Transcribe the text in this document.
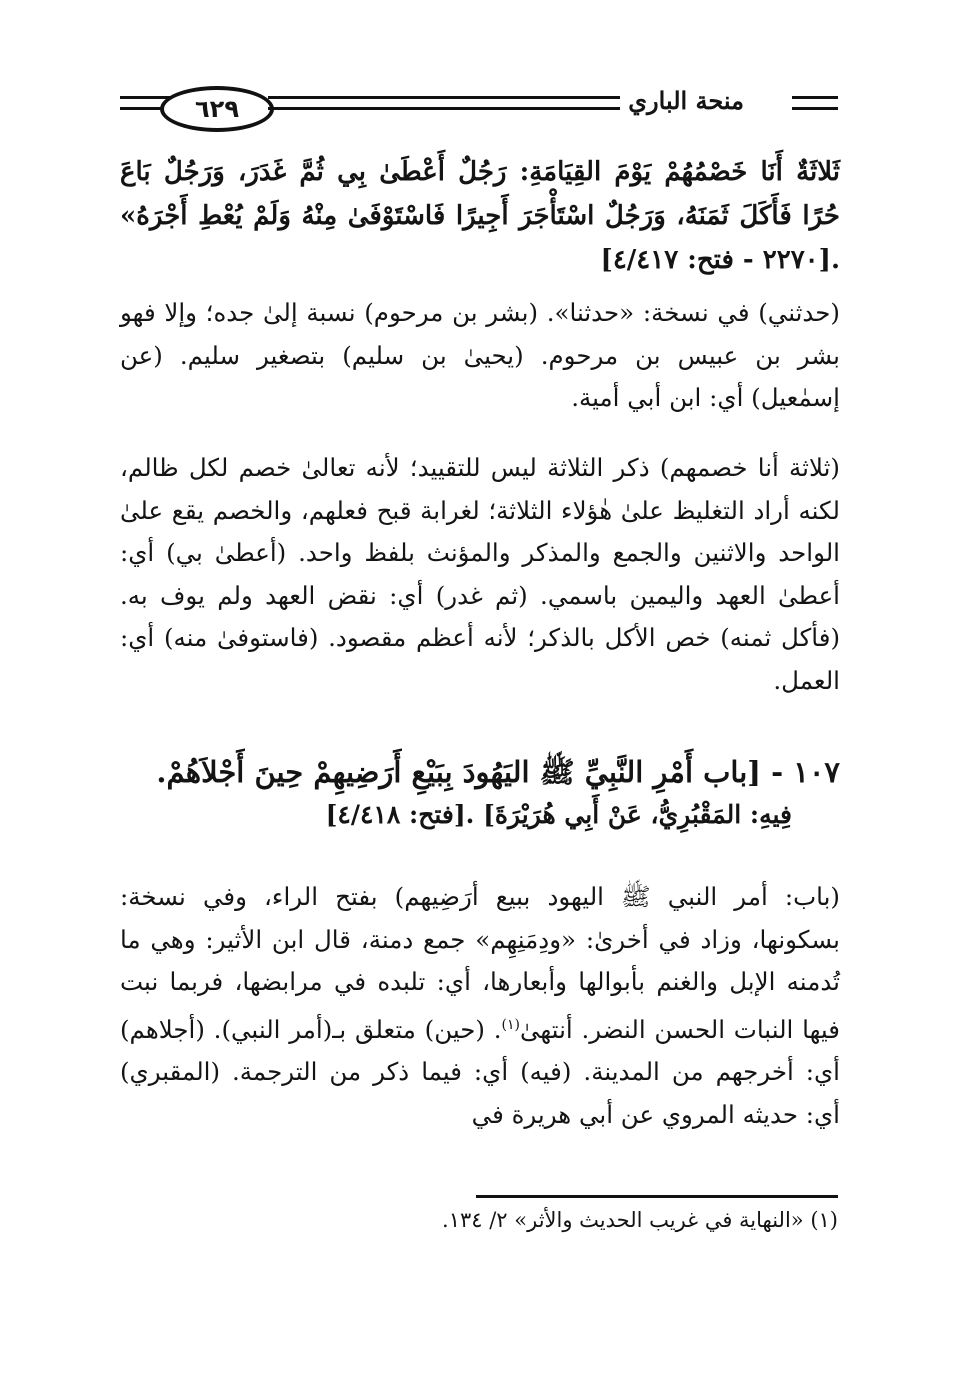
٦٢٩	منحة الباري
ثَلاثَةٌ أَنَا خَصْمُهُمْ يَوْمَ القِيَامَةِ: رَجُلٌ أَعْطَىٰ بِي ثُمَّ غَدَرَ، وَرَجُلٌ بَاعَ حُرًا فَأَكَلَ ثَمَنَهُ، وَرَجُلٌ اسْتَأْجَرَ أَجِيرًا فَاسْتَوْفَىٰ مِنْهُ وَلَمْ يُعْطِ أَجْرَهُ» .[٢٢٧٠ - فتح: ٤/٤١٧]
(حدثني) في نسخة: «حدثنا». (بشر بن مرحوم) نسبة إلىٰ جده؛ وإلا فهو بشر بن عبيس بن مرحوم. (يحيىٰ بن سليم) بتصغير سليم. (عن إسمٰعيل) أي: ابن أبي أمية.
(ثلاثة أنا خصمهم) ذكر الثلاثة ليس للتقييد؛ لأنه تعالىٰ خصم لكل ظالم، لكنه أراد التغليظ علىٰ هٰؤلاء الثلاثة؛ لغرابة قبح فعلهم، والخصم يقع علىٰ الواحد والاثنين والجمع والمذكر والمؤنث بلفظ واحد. (أعطىٰ بي) أي: أعطىٰ العهد واليمين باسمي. (ثم غدر) أي: نقض العهد ولم يوف به. (فأكل ثمنه) خص الأكل بالذكر؛ لأنه أعظم مقصود. (فاستوفىٰ منه) أي: العمل.
١٠٧ - [باب أَمْرِ النَّبِيِّ ﷺ اليَهُودَ بِبَيْعِ أَرَضِيهِمْ حِينَ أَجْلاَهُمْ.
فِيهِ: المَقْبُرِيُّ، عَنْ أَبِي هُرَيْرَةَ] .[فتح: ٤/٤١٨]
(باب: أمر النبي ﷺ اليهود ببيع أرَضِيهم) بفتح الراء، وفي نسخة: بسكونها، وزاد في أخرىٰ: «ودِمَنِهِم» جمع دمنة، قال ابن الأثير: وهي ما تُدمنه الإبل والغنم بأبوالها وأبعارها، أي: تلبده في مرابضها، فربما نبت فيها النبات الحسن النضر. أنتهىٰ$^{(١)}$. (حين) متعلق بـ(أمر النبي). (أجلاهم) أي: أخرجهم من المدينة. (فيه) أي: فيما ذكر من الترجمة. (المقبري) أي: حديثه المروي عن أبي هريرة في
(١) «النهاية في غريب الحديث والأثر» ٢/ ١٣٤.
